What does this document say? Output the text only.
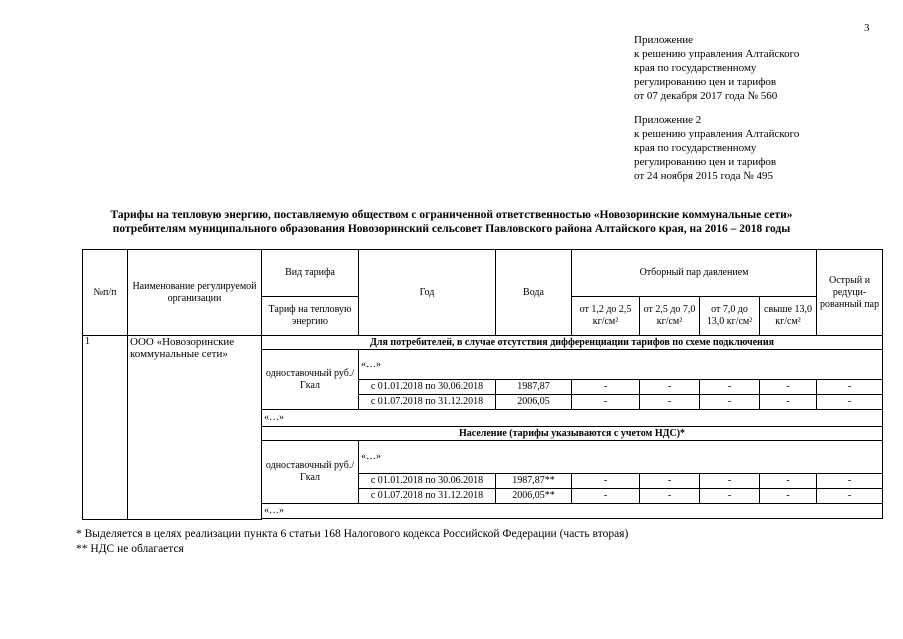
3
Приложение
к решению управления Алтайского
края по государственному
регулированию цен и тарифов
от 07 декабря 2017 года № 560
Приложение 2
к решению управления Алтайского
края по государственному
регулированию цен и тарифов
от 24 ноября 2015 года № 495
Тарифы на тепловую энергию, поставляемую обществом с ограниченной ответственностью «Новозоринские коммунальные сети»
потребителям муниципального образования Новозоринский сельсовет Павловского района Алтайского края, на 2016 – 2018 годы
№п/п	Наименование регулируемой организации	Вид тарифа	Год	Вода	Отборный пар давлением				Острый и редуци-рованный пар
		Тариф на тепловую энергию			от 1,2 до 2,5 кг/см²	от 2,5 до 7,0 кг/см²	от 7,0 до 13,0 кг/см²	свыше 13,0 кг/см²	
1	ООО «Новозоринские коммунальные сети»	Для потребителей, в случае отсутствия дифференциации тарифов по схеме подключения							
		одноставочный руб./Гкал	«…»						
			с 01.01.2018 по 30.06.2018	1987,87	-	-	-	-	-
			с 01.07.2018 по 31.12.2018	2006,05	-	-	-	-	-
		«…»							
		Население (тарифы указываются с учетом НДС)*							
		одноставочный руб./Гкал	«…»						
			с 01.01.2018 по 30.06.2018	1987,87**	-	-	-	-	-
			с 01.07.2018 по 31.12.2018	2006,05**	-	-	-	-	-
		«…»							

* Выделяется в целях реализации пункта 6 статьи 168 Налогового кодекса Российской Федерации (часть вторая)
** НДС не облагается
